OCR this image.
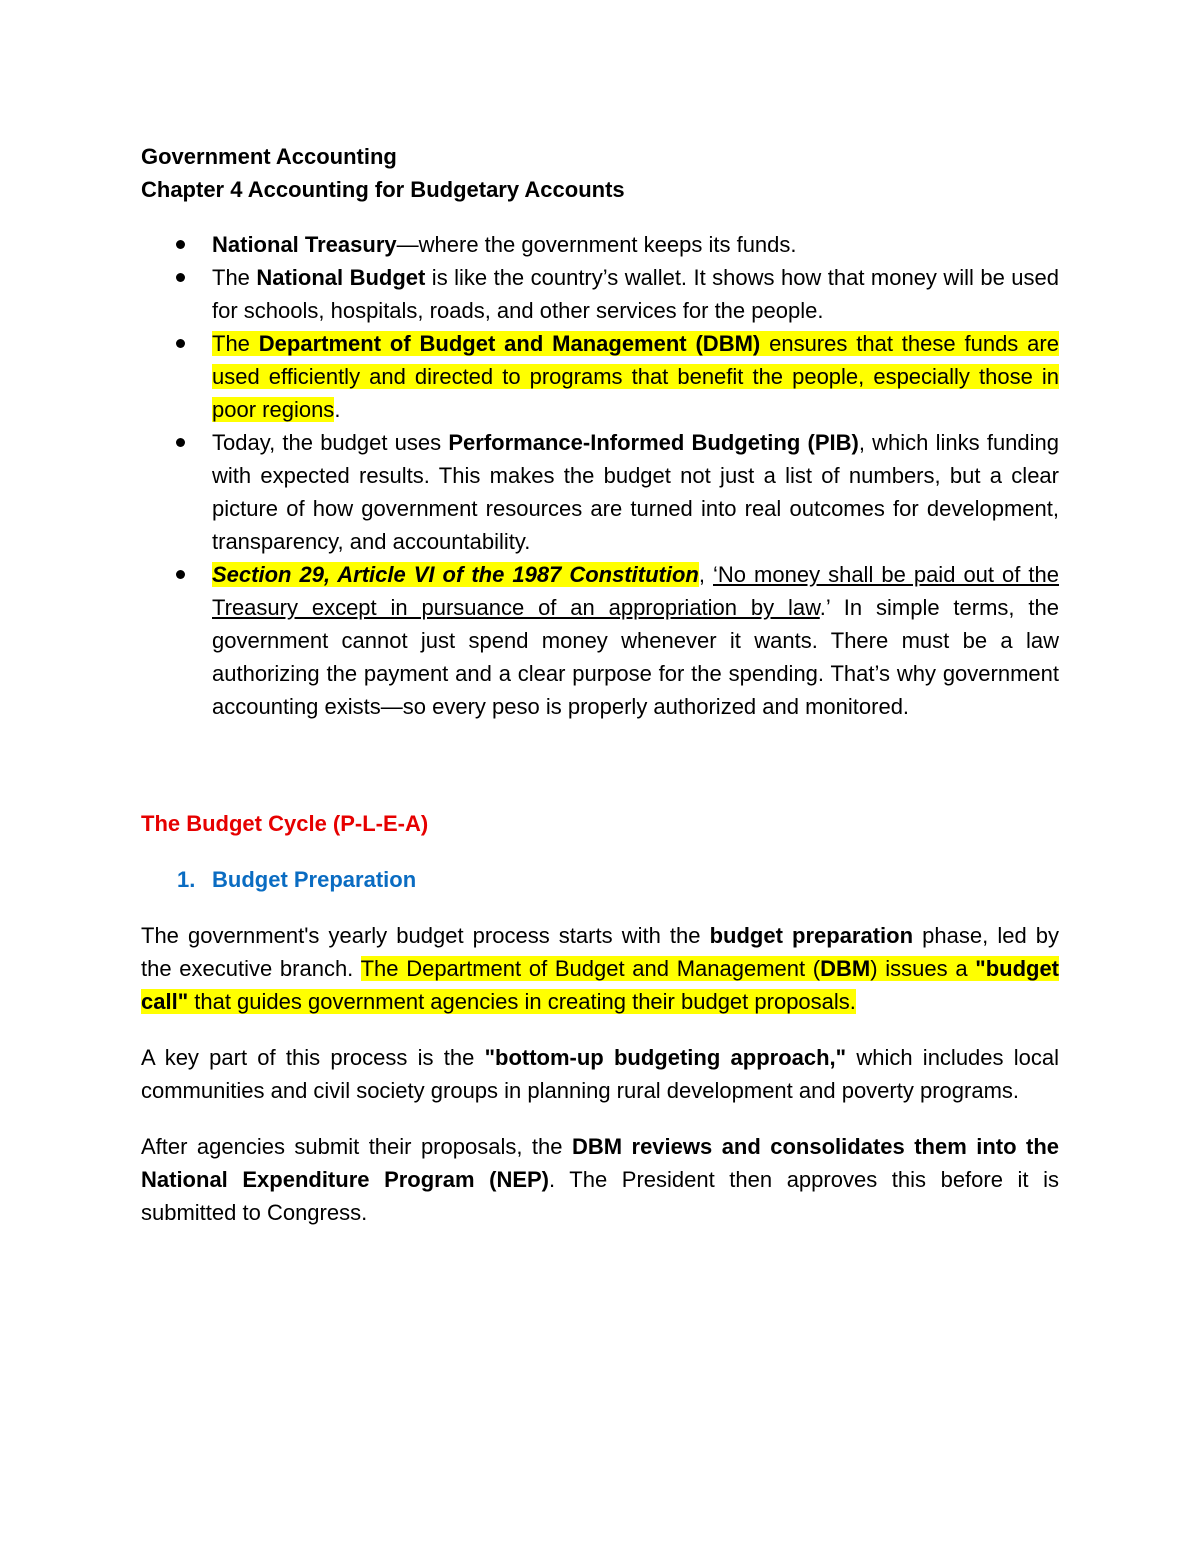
Government Accounting

Chapter 4 Accounting for Budgetary Accounts

National Treasury—where the government keeps its funds.
The National Budget is like the country’s wallet. It shows how that money will be used for schools, hospitals, roads, and other services for the people.
The Department of Budget and Management (DBM) ensures that these funds are used efficiently and directed to programs that benefit the people, especially those in poor regions.
Today, the budget uses Performance-Informed Budgeting (PIB), which links funding with expected results. This makes the budget not just a list of numbers, but a clear picture of how government resources are turned into real outcomes for development, transparency, and accountability.
Section 29, Article VI of the 1987 Constitution, ‘No money shall be paid out of the Treasury except in pursuance of an appropriation by law.’ In simple terms, the government cannot just spend money whenever it wants. There must be a law authorizing the payment and a clear purpose for the spending. That’s why government accounting exists—so every peso is properly authorized and monitored.

The Budget Cycle (P-L-E-A)

1. Budget Preparation

The government's yearly budget process starts with the budget preparation phase, led by the executive branch. The Department of Budget and Management (DBM) issues a "budget call" that guides government agencies in creating their budget proposals.

A key part of this process is the "bottom-up budgeting approach," which includes local communities and civil society groups in planning rural development and poverty programs.

After agencies submit their proposals, the DBM reviews and consolidates them into the National Expenditure Program (NEP). The President then approves this before it is submitted to Congress.
